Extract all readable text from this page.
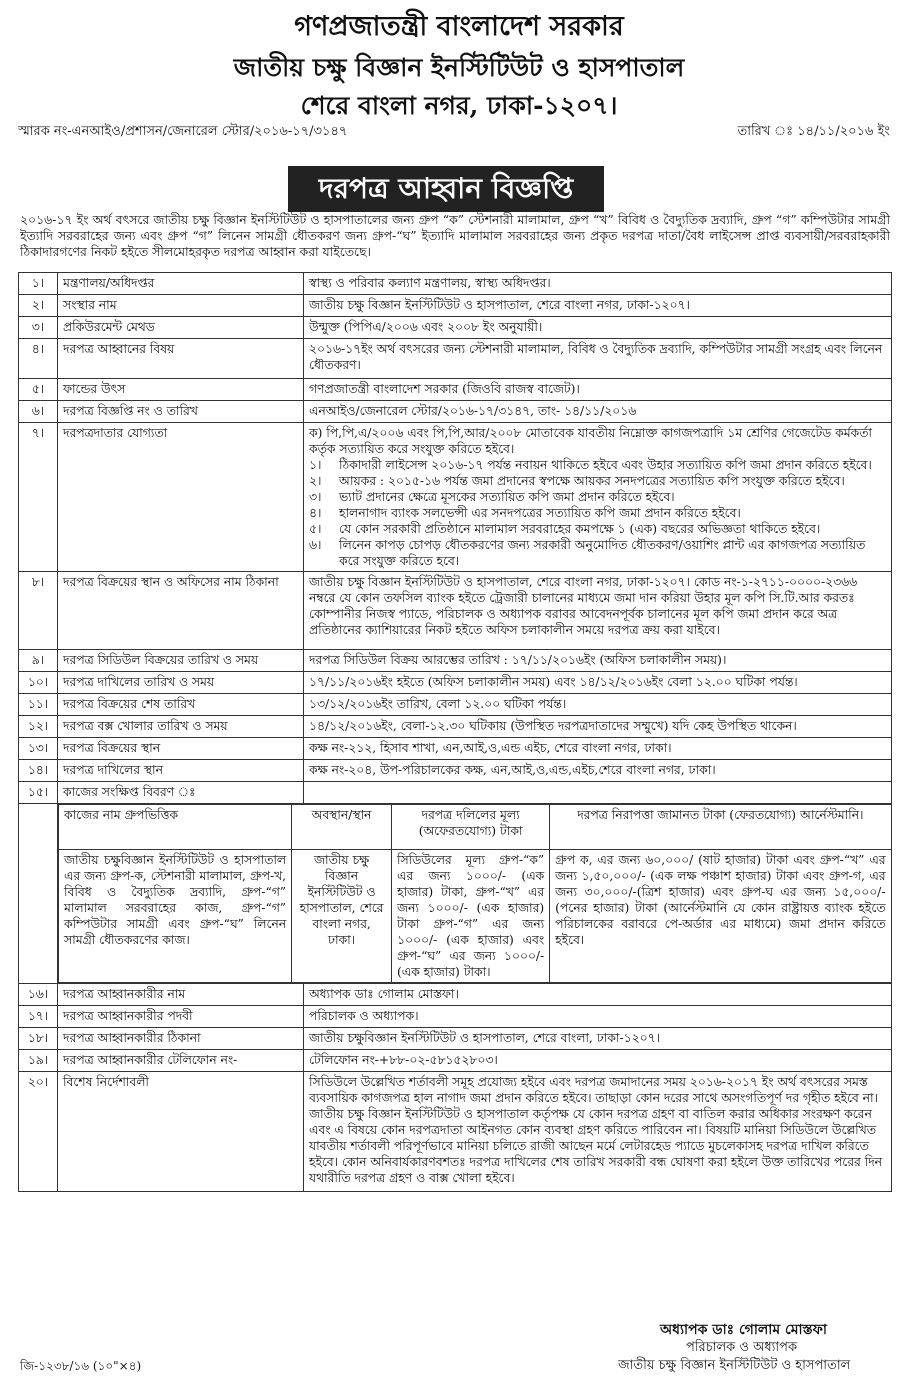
গণপ্রজাতন্ত্রী বাংলাদেশ সরকার
জাতীয় চক্ষু বিজ্ঞান ইনস্টিটিউট ও হাসপাতাল
শেরে বাংলা নগর, ঢাকা-১২০৭।
স্মারক নং-এনআইও/প্রশাসন/জেনারেল স্টোর/২০১৬-১৭/৩১৪৭	তারিখ ঃ ১৪/১১/২০১৬ ইং
দরপত্র আহ্বান বিজ্ঞপ্তি
২০১৬-১৭ ইং অর্থ বৎসরে জাতীয় চক্ষু বিজ্ঞান ইনস্টিটিউট ও হাসপাতালের জন্য গ্রুপ “ক” স্টেশনারী মালামাল, গ্রুপ “খ” বিবিধ ও বৈদ্যুতিক দ্রব্যাদি, গ্রুপ “গ” কম্পিউটার সামগ্রী ইত্যাদি সরবরাহের জন্য এবং গ্রুপ “গ” লিনেন সামগ্রী ধৌতকরণ জন্য গ্রুপ-“ঘ” ইত্যাদি মালামাল সরবরাহের জন্য প্রকৃত দরপত্র দাতা/বৈধ লাইসেন্স প্রাপ্ত ব্যবসায়ী/সরবরাহকারী ঠিকাদারগণের নিকট হইতে সীলমোহরকৃত দরপত্র আহ্বান করা যাইতেছে।
১।	মন্ত্রণালয়/অধিদপ্তর	স্বাস্থ্য ও পরিবার কল্যাণ মন্ত্রণালয়, স্বাস্থ্য অধিদপ্তর।
২।	সংস্থার নাম	জাতীয় চক্ষু বিজ্ঞান ইনস্টিটিউট ও হাসপাতাল, শেরে বাংলা নগর, ঢাকা-১২০৭।
৩।	প্রকিউরমেন্ট মেথড	উন্মুক্ত (পিপিএ/২০০৬ এবং ২০০৮ ইং অনুযায়ী।
৪।	দরপত্র আহ্বানের বিষয়	২০১৬-১৭ইং অর্থ বৎসরের জন্য স্টেশনারী মালামাল, বিবিধ ও বৈদ্যুতিক দ্রব্যাদি, কম্পিউটার সামগ্রী সংগ্রহ এবং লিনেন ধৌতকরণ।
৫।	ফান্ডের উৎস	গণপ্রজাতন্ত্রী বাংলাদেশ সরকার (জিওবি রাজস্ব বাজেট)।
৬।	দরপত্র বিজ্ঞপ্তি নং ও তারিখ	এনআইও/জেনারেল স্টোর/২০১৬-১৭/৩১৪৭, তাং- ১৪/১১/২০১৬
৭।	দরপত্রদাতার যোগ্যতা	ক) পি,পি,এ/২০০৬ এবং পি,পি,আর/২০০৮ মোতাবেক যাবতীয় নিম্নোক্ত কাগজপত্রাদি ১ম শ্রেণির গেজেটেড কর্মকর্তা কর্তৃক সত্যায়িত করে সংযুক্ত করিতে হইবে।
১।	ঠিকাদারী লাইসেন্স ২০১৬-১৭ পর্যন্ত নবায়ন থাকিতে হইবে এবং উহার সত্যায়িত কপি জমা প্রদান করিতে হইবে।
২।	আয়কর : ২০১৫-১৬ পর্যন্ত জমা প্রদানের স্বপক্ষে আয়কর সনদপত্রের সত্যায়িত কপি সংযুক্ত করিতে হইবে।
৩।	ভ্যাট প্রদানের ক্ষেত্রে মূসকের সত্যায়িত কপি জমা প্রদান করিতে হইবে।
৪।	হালনাগাদ ব্যাংক সলভেন্সী এর সনদপত্রের সত্যায়িত কপি জমা প্রদান করিতে হইবে।
৫।	যে কোন সরকারী প্রতিষ্ঠানে মালামাল সরবরাহের কমপক্ষে ১ (এক) বছরের অভিজ্ঞতা থাকিতে হইবে।
৬।	লিনেন কাপড় চোপড় ধৌতকরণের জন্য সরকারী অনুমোদিত ধৌতকরণ/ওয়াশিং প্লান্ট এর কাগজপত্র সত্যায়িত করে সংযুক্ত করিতে হবে।

৮।	দরপত্র বিক্রয়ের স্থান ও অফিসের নাম ঠিকানা	জাতীয় চক্ষু বিজ্ঞান ইনস্টিটিউট ও হাসপাতাল, শেরে বাংলা নগর, ঢাকা-১২০৭। কোড নং-১-২৭১১-০০০০-২৩৬৬ নম্বরে যে কোন তফসিল ব্যাংক হইতে ট্রেজারী চালানের মাধ্যমে জমা দান করিয়া উহার মূল কপি সি.টি.আর করতঃ কোম্পানীর নিজস্ব প্যাডে, পরিচালক ও অধ্যাপক বরাবর আবেদনপূর্বক চালানের মূল কপি জমা প্রদান করে অত্র প্রতিষ্ঠানের ক্যাশিয়ারের নিকট হইতে অফিস চলাকালীন সময়ে দরপত্র ক্রয় করা যাইবে।
৯।	দরপত্র সিডিউল বিক্রয়ের তারিখ ও সময়	দরপত্র সিডিউল বিক্রয় আরম্ভের তারিখ : ১৭/১১/২০১৬ইং (অফিস চলাকালীন সময়)।
১০।	দরপত্র দাখিলের তারিখ ও সময়	১৭/১১/২০১৬ইং হইতে (অফিস চলাকালীন সময়) এবং ১৪/১২/২০১৬ইং বেলা ১২.০০ ঘটিকা পর্যন্ত।
১১।	দরপত্র বিক্রয়ের শেষ তারিখ	১৩/১২/২০১৬ইং তারিখ, বেলা ১২.০০ ঘটিকা পর্যন্ত।
১২।	দরপত্র বক্স খোলার তারিখ ও সময়	১৪/১২/২০১৬ইং, বেলা-১২.৩০ ঘটিকায় (উপস্থিত দরপত্রদাতাদের সম্মুখে) যদি কেহ উপস্থিত থাকেন।
১৩।	দরপত্র বিক্রয়ের স্থান	কক্ষ নং-২১২, হিসাব শাখা, এন,আই,ও,এন্ড এইচ, শেরে বাংলা নগর, ঢাকা।
১৪।	দরপত্র দাখিলের স্থান	কক্ষ নং-২০৪, উপ-পরিচালকের কক্ষ, এন,আই,ও,এন্ড,এইচ,শেরে বাংলা নগর, ঢাকা।
১৫।	কাজের সংক্ষিপ্ত বিবরণ ঃ	

কাজের নাম গ্রুপভিত্তিক	অবস্থান/স্থান	দরপত্র দলিলের মূল্য (অফেরতযোগ্য) টাকা	দরপত্র নিরাপত্তা জামানত টাকা (ফেরতযোগ্য) আর্নেস্টমানি।
জাতীয় চক্ষুবিজ্ঞান ইনস্টিটিউট ও হাসপাতাল এর জন্য গ্রুপ-ক, স্টেশনারী মালামাল, গ্রুপ-খ, বিবিধ ও বৈদ্যুতিক দ্রব্যাদি, গ্রুপ-“গ” মালামাল সরবরাহের কাজ, গ্রুপ-“গ” কম্পিউটার সামগ্রী এবং গ্রুপ-“ঘ” লিনেন সামগ্রী ধৌতকরণের কাজ।	জাতীয় চক্ষু বিজ্ঞান ইনস্টিটিউট ও হাসপাতাল, শেরে বাংলা নগর, ঢাকা।	সিডিউলের মূল্য গ্রুপ-“ক” এর জন্য ১০০০/- (এক হাজার) টাকা, গ্রুপ-“খ” এর জন্য ১০০০/- (এক হাজার) টাকা গ্রুপ-“গ” এর জন্য ১০০০/- (এক হাজার) এবং গ্রুপ-“ঘ” এর জন্য ১০০০/- (এক হাজার) টাকা।	গ্রুপ ক, এর জন্য ৬০,০০০/ (ষাট হাজার) টাকা এবং গ্রুপ-“খ” এর জন্য ১,৫০,০০০/- (এক লক্ষ পঞ্চাশ হাজার) টাকা এবং গ্রুপ-গ, এর জন্য ৩০,০০০/-(ত্রিশ হাজার) এবং গ্রুপ-ঘ এর জন্য ১৫,০০০/-(পনের হাজার) টাকা (আর্নেস্টমানি যে কোন রাষ্ট্রায়ত্ত ব্যাংক হইতে পরিচালকের বরাবরে পে-অর্ডার এর মাধ্যমে) জমা প্রদান করিতে হইবে।

১৬।	দরপত্র আহ্বানকারীর নাম	অধ্যাপক ডাঃ গোলাম মোস্তফা।
১৭।	দরপত্র আহ্বানকারীর পদবী	পরিচালক ও অধ্যাপক।
১৮।	দরপত্র আহ্বানকারীর ঠিকানা	জাতীয় চক্ষুবিজ্ঞান ইনস্টিটিউট ও হাসপাতাল, শেরে বাংলা, ঢাকা-১২০৭।
১৯।	দরপত্র আহ্বানকারীর টেলিফোন নং-	টেলিফোন নং-+৮৮-০২-৫৮১৫২৮০৩।
২০।	বিশেষ নির্দেশাবলী	সিডিউলে উল্লেখিত শর্তাবলী সমূহ প্রযোজ্য হইবে এবং দরপত্র জমাদানের সময় ২০১৬-২০১৭ ইং অর্থ বৎসরের সমস্ত ব্যবসায়িক কাগজপত্র হাল নাগাদ জমা প্রদান করিতে হইবে। তাছাড়া কোন দরের সাথে অসংগতিপূর্ণ দর গৃহীত হইবে না। জাতীয় চক্ষু বিজ্ঞান ইনস্টিটিউট ও হাসপাতাল কর্তৃপক্ষ যে কোন দরপত্র গ্রহণ বা বাতিল করার অধিকার সংরক্ষণ করেন এবং এ বিষয়ে কোন দরপত্রদাতা আইনগত কোন ব্যবস্থা গ্রহণ করিতে পারিবেন না। বিষয়টি মানিয়া সিডিউলে উল্লেখিত যাবতীয় শর্তাবলী পরিপূর্ণভাবে মানিয়া চলিতে রাজী আছেন মর্মে লেটারহেড প্যাডে মুচলেকাসহ দরপত্র দাখিল করিতে হইবে। কোন অনিবার্যকারণবশতঃ দরপত্র দাখিলের শেষ তারিখ সরকারী বন্ধ ঘোষণা করা হইলে উক্ত তারিখের পরের দিন যথারীতি দরপত্র গ্রহণ ও বাক্স খোলা হইবে।
অধ্যাপক ডাঃ গোলাম মোস্তফা
পরিচালক ও অধ্যাপক
জাতীয় চক্ষু বিজ্ঞান ইনস্টিটিউট ও হাসপাতাল
জি-১২৩৮/১৬ (১০"×৪)
